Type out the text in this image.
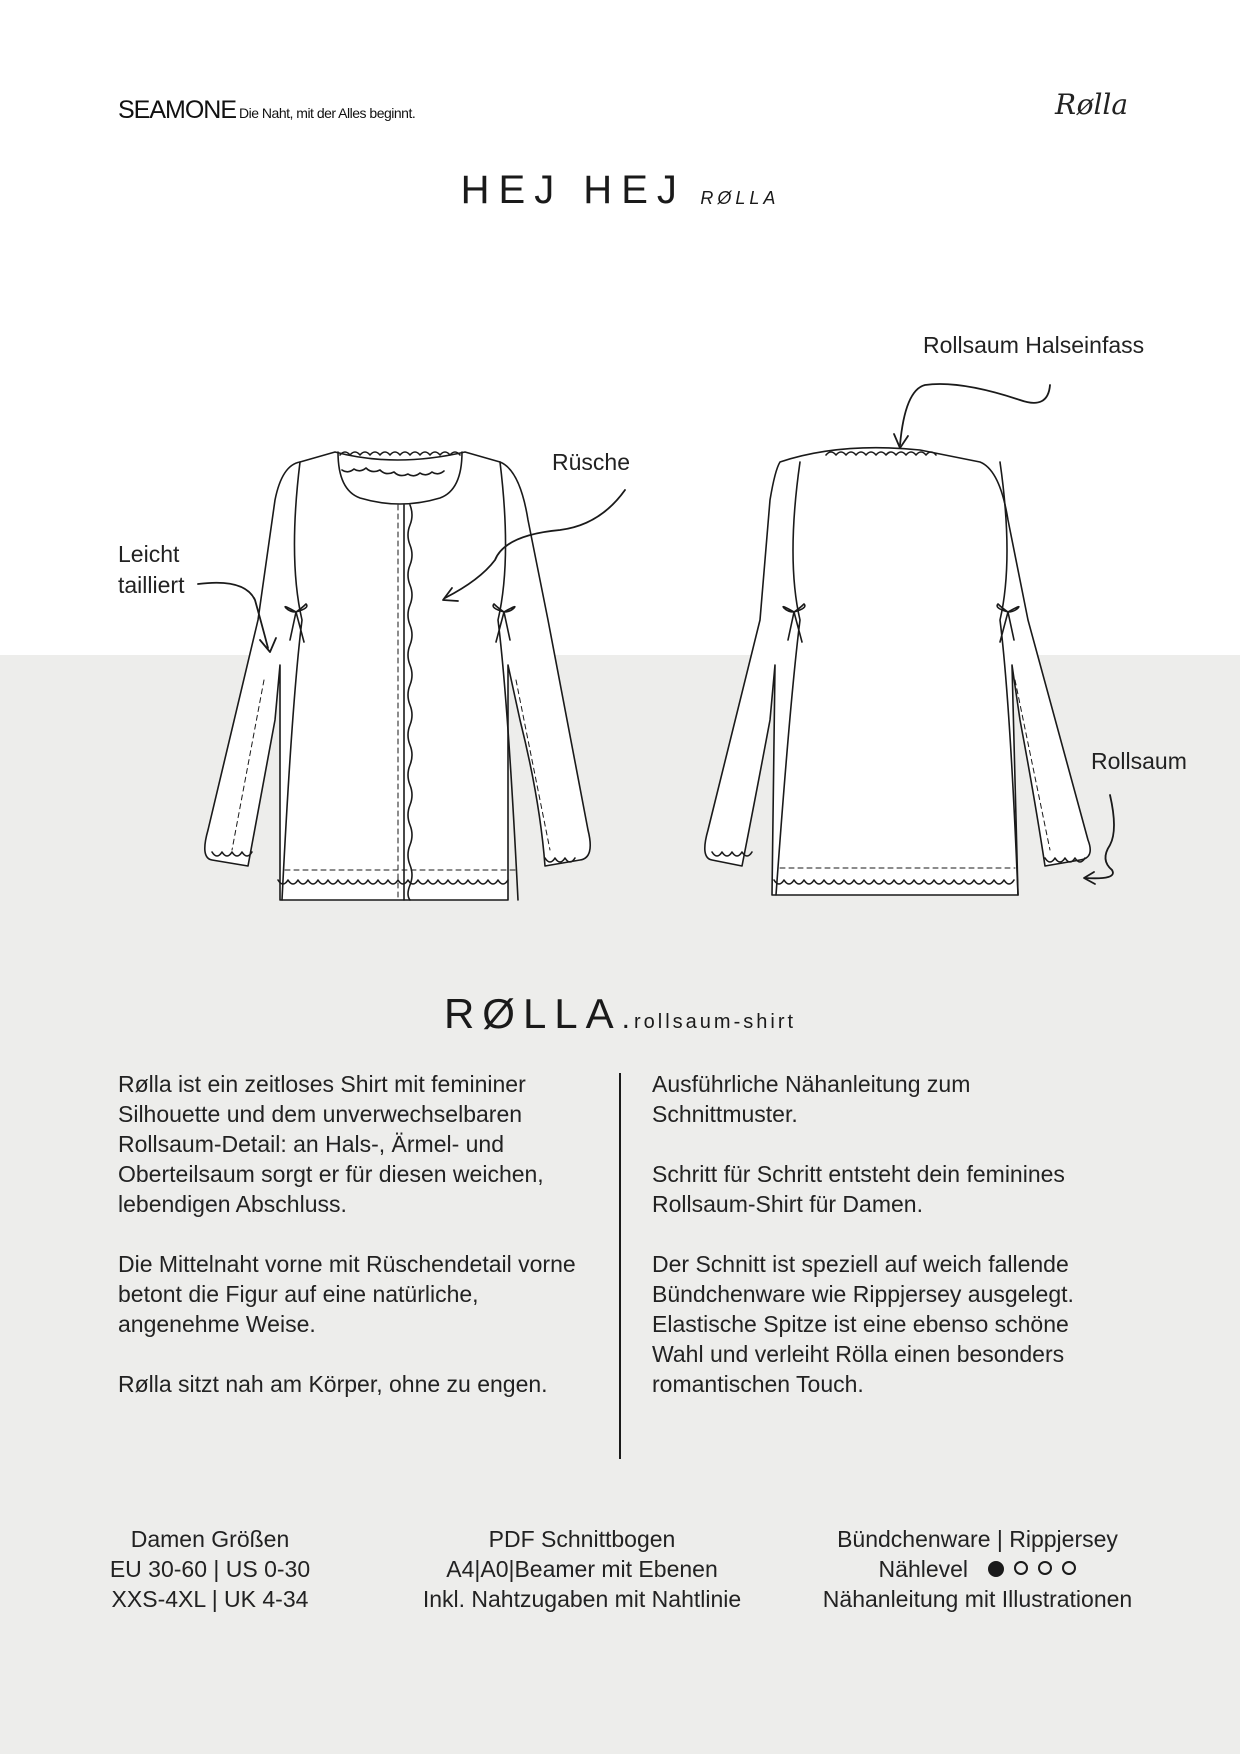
SEAMONE Die Naht, mit der Alles beginnt.	Rølla
HEJ HEJ RØLLA
Rollsaum Halseinfass
Rüsche
Leicht
tailliert
Rollsaum
RØLLA. rollsaum-shirt

Rølla ist ein zeitloses Shirt mit femininer Silhouette und dem unverwechselbaren Rollsaum-Detail: an Hals-, Ärmel- und Oberteilsaum sorgt er für diesen weichen, lebendigen Abschluss.

Die Mittelnaht vorne mit Rüschendetail vorne betont die Figur auf eine natürliche, angenehme Weise.

Rølla sitzt nah am Körper, ohne zu engen.

Ausführliche Nähanleitung zum Schnittmuster.

Schritt für Schritt entsteht dein feminines Rollsaum-Shirt für Damen.

Der Schnitt ist speziell auf weich fallende Bündchenware wie Rippjersey ausgelegt. Elastische Spitze ist eine ebenso schöne Wahl und verleiht Rölla einen besonders romantischen Touch.

Damen Größen
EU 30-60 | US 0-30
XXS-4XL | UK 4-34
PDF Schnittbogen
A4|A0|Beamer mit Ebenen
Inkl. Nahtzugaben mit Nahtlinie
Bündchenware | Rippjersey
Nählevel
Nähanleitung mit Illustrationen
